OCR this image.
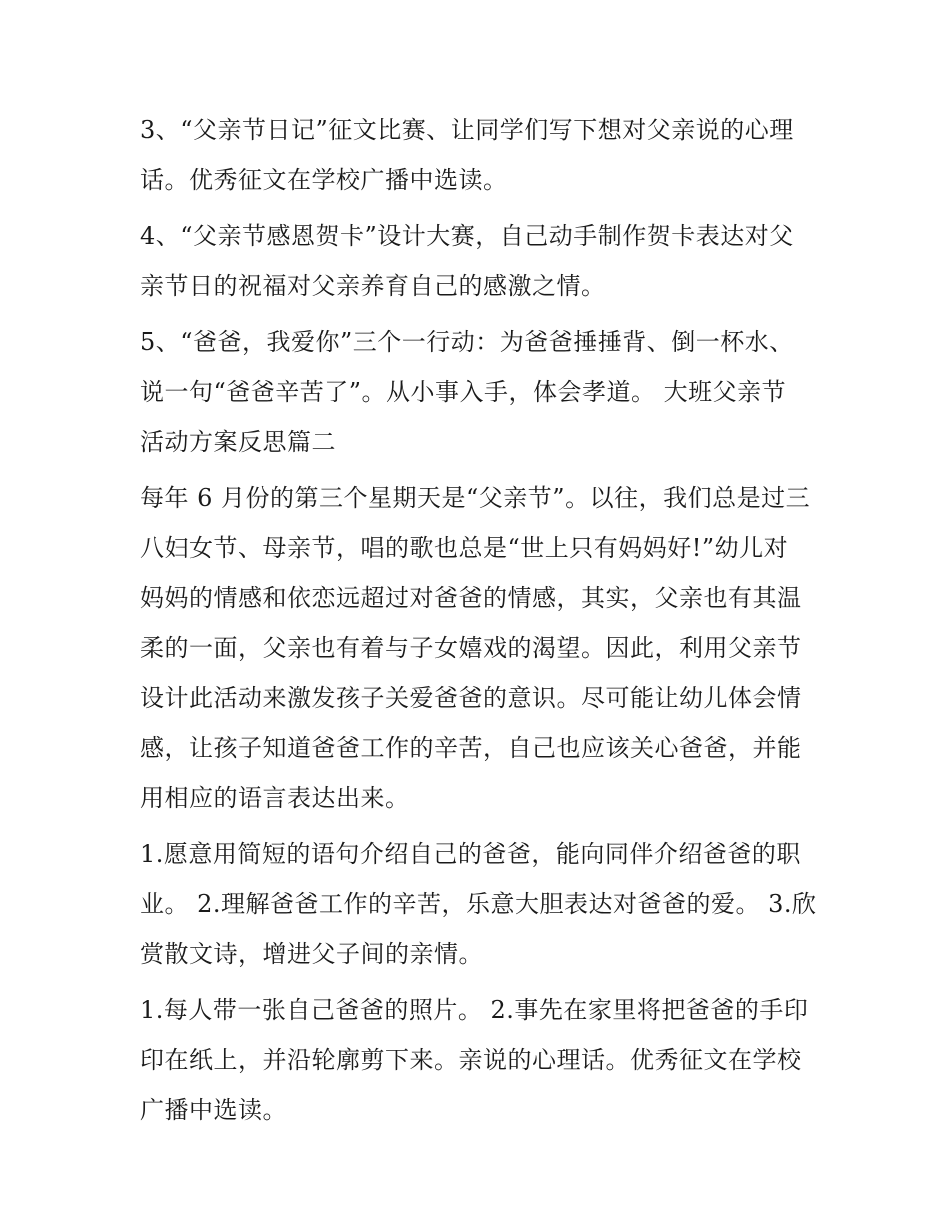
3、“父亲节日记”征文比赛、让同学们写下想对父亲说的心理
话。优秀征文在学校广播中选读。
4、“父亲节感恩贺卡”设计大赛，自己动手制作贺卡表达对父
亲节日的祝福对父亲养育自己的感激之情。
5、“爸爸，我爱你”三个一行动：为爸爸捶捶背、倒一杯水、
说一句“爸爸辛苦了”。从小事入手，体会孝道。 大班父亲节
活动方案反思篇二
每年 6 月份的第三个星期天是“父亲节”。以往，我们总是过三
八妇女节、母亲节，唱的歌也总是“世上只有妈妈好!”幼儿对
妈妈的情感和依恋远超过对爸爸的情感，其实，父亲也有其温
柔的一面，父亲也有着与子女嬉戏的渴望。因此，利用父亲节
设计此活动来激发孩子关爱爸爸的意识。尽可能让幼儿体会情
感，让孩子知道爸爸工作的辛苦，自己也应该关心爸爸，并能
用相应的语言表达出来。
1.愿意用简短的语句介绍自己的爸爸，能向同伴介绍爸爸的职
业。 2.理解爸爸工作的辛苦，乐意大胆表达对爸爸的爱。 3.欣
赏散文诗，增进父子间的亲情。
1.每人带一张自己爸爸的照片。 2.事先在家里将把爸爸的手印
印在纸上，并沿轮廓剪下来。亲说的心理话。优秀征文在学校
广播中选读。
